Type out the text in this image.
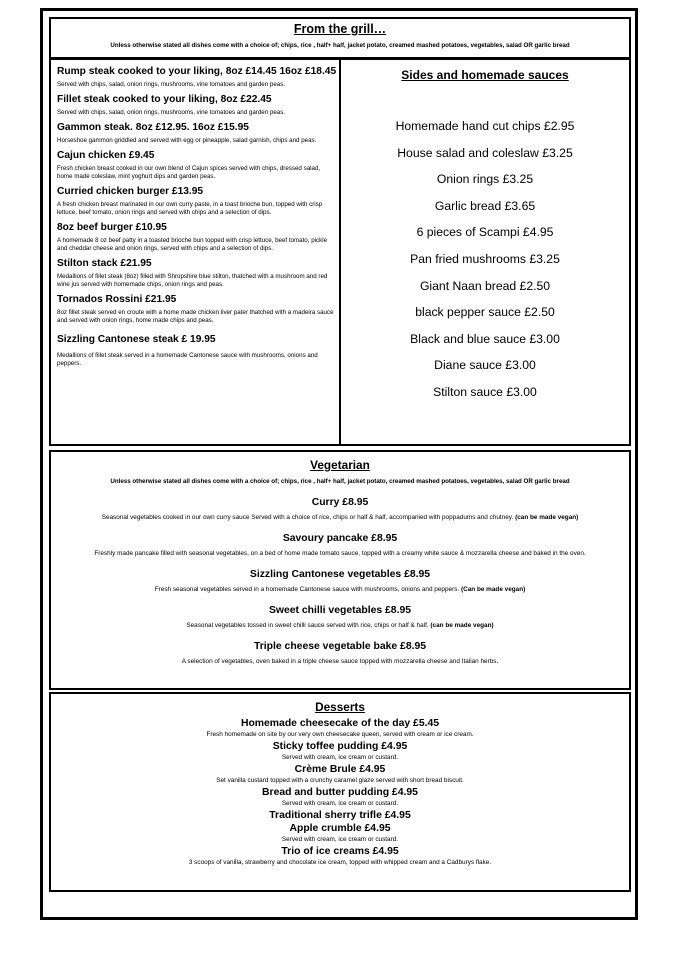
From the grill…
Unless otherwise stated all dishes come with a choice of; chips, rice , half+ half, jacket potato, creamed mashed potatoes, vegetables, salad OR garlic bread
Rump steak cooked to your liking, 8oz £14.45 16oz £18.45
Served with chips, salad, onion rings, mushrooms, vine tomatoes and garden peas.
Fillet steak cooked to your liking, 8oz £22.45
Served with chips, salad, onion rings, mushrooms, vine tomatoes and garden peas.
Gammon steak. 8oz £12.95. 16oz £15.95
Horseshoe gammon griddled and served with egg or pineapple, salad garnish, chips and peas.
Cajun chicken £9.45
Fresh chicken breast cooked in our own blend of Cajun spices served with chips, dressed salad, home made coleslaw, mint yoghurt dips and garden peas.
Curried chicken burger £13.95
A fresh chicken breast marinated in our own curry paste, in a toast brioche bun, topped with crisp lettuce, beef tomato, onion rings and served with chips and a selection of dips.
8oz beef burger £10.95
A homemade 8 oz beef patty in a toasted brioche bun topped with crisp lettuce, beef tomato, pickle and cheddar cheese and onion rings, served with chips and a selection of dips.
Stilton stack £21.95
Medallions of fillet steak (8oz) filled with Shropshire blue stilton, thatched with a mushroom and red wine jus served with homemade chips, onion rings and peas.
Tornados Rossini £21.95
8oz fillet steak served en croute with a home made chicken liver pater thatched with a madeira sauce and served with onion rings, home made chips and peas.
Sizzling Cantonese steak £ 19.95
Medallions of fillet steak served in a homemade Cantonese sauce with mushrooms, onions and peppers.
Sides and homemade sauces
Homemade hand cut chips £2.95
House salad and coleslaw £3.25
Onion rings £3.25
Garlic bread £3.65
6 pieces of Scampi £4.95
Pan fried mushrooms £3.25
Giant Naan bread £2.50
black pepper sauce £2.50
Black and blue sauce £3.00
Diane sauce £3.00
Stilton sauce £3.00
Vegetarian
Unless otherwise stated all dishes come with a choice of; chips, rice , half+ half, jacket potato, creamed mashed potatoes, vegetables, salad OR garlic bread
Curry £8.95
Seasonal vegetables cooked in our own curry sauce Served with a choice of rice, chips or half & half, accompanied with poppadums and chutney. (can be made vegan)
Savoury pancake £8.95
Freshly made pancake filled with seasonal vegetables, on a bed of home made tomato sauce, topped with a creamy white sauce & mozzarella cheese and baked in the oven.
Sizzling Cantonese vegetables £8.95
Fresh seasonal vegetables served in a homemade Cantonese sauce with mushrooms, onions and peppers. (Can be made vegan)
Sweet chilli vegetables £8.95
Seasonal vegetables tossed in sweet chilli sauce served with rice, chips or half & half. (can be made vegan)
Triple cheese vegetable bake £8.95
A selection of vegetables, oven baked in a triple cheese sauce topped with mozzarella cheese and Italian herbs.
Desserts
Homemade cheesecake of the day £5.45
Fresh homemade on site by our very own cheesecake queen, served with cream or ice cream.
Sticky toffee pudding £4.95
Served with cream, ice cream or custard.
Crème Brule £4.95
Set vanilla custard topped with a crunchy caramel glaze served with short bread biscuit.
Bread and butter pudding £4.95
Served with cream, ice cream or custard.
Traditional sherry trifle £4.95
Apple crumble £4.95
Served with cream, ice cream or custard.
Trio of ice creams £4.95
3 scoops of vanilla, strawberry and chocolate ice cream, topped with whipped cream and a Cadburys flake.
